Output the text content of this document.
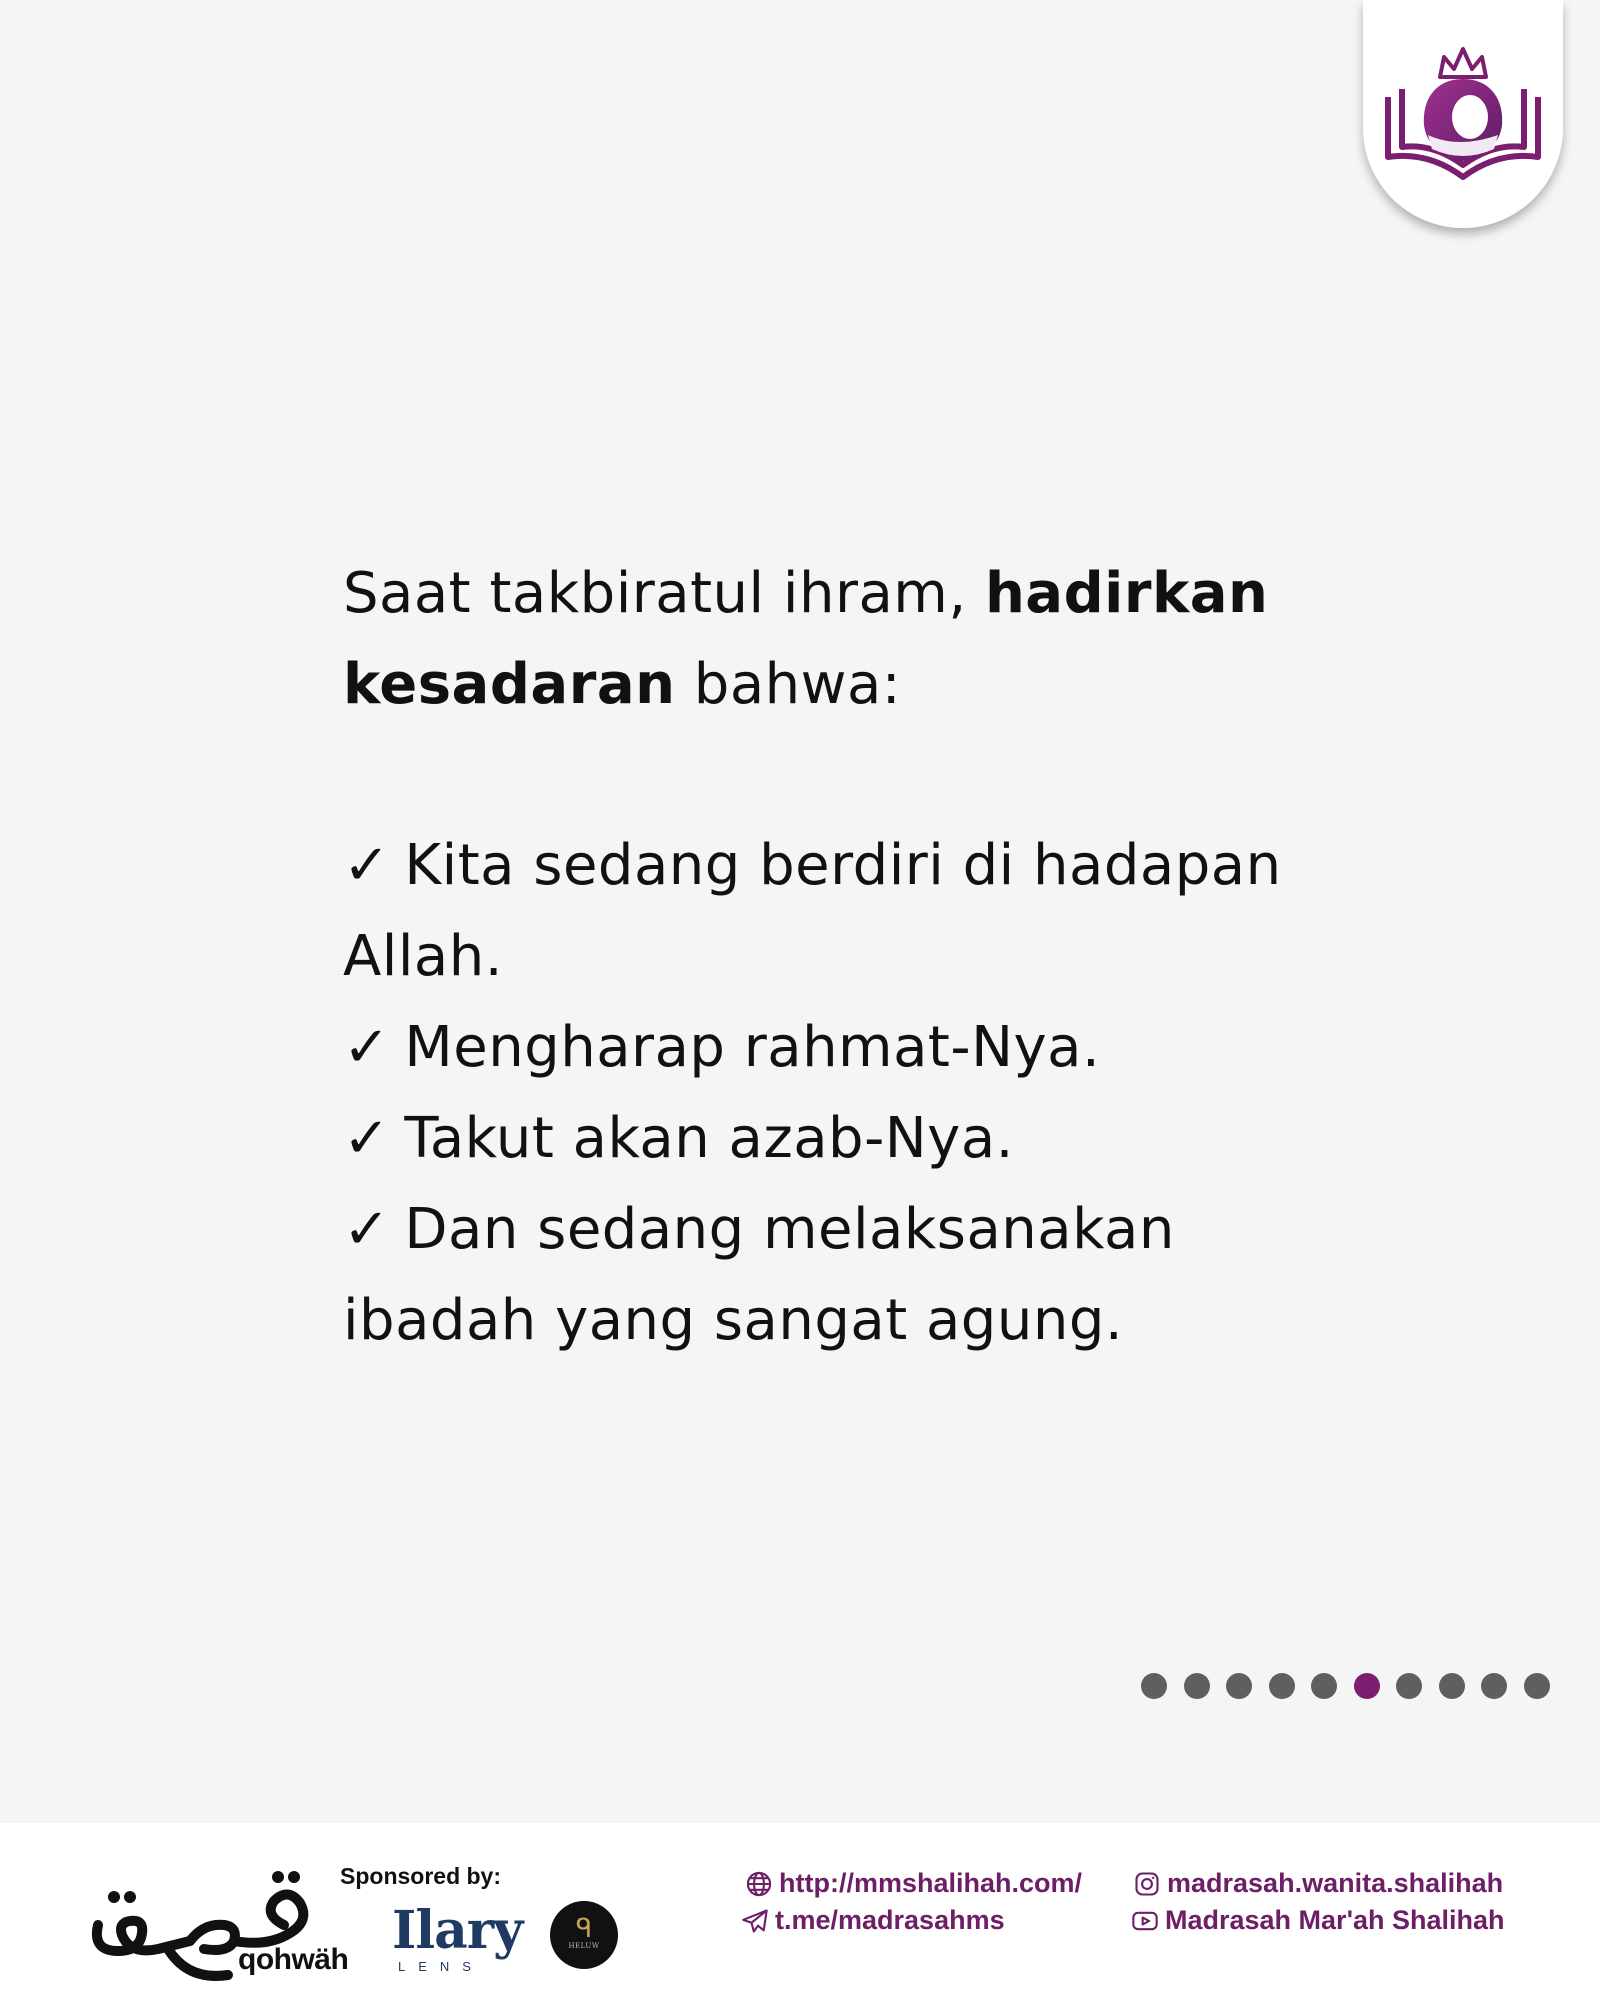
Saat takbiratul ihram, hadirkan
kesadaran bahwa:

✓ Kita sedang berdiri di hadapan Allah.
✓ Mengharap rahmat-Nya.
✓ Takut akan azab-Nya.
✓ Dan sedang melaksanakan ibadah yang sangat agung.
qohwäh
Sponsored by:
Ilary
LENS
ᑫ
HELUW
http://mmshalihah.com/
t.me/madrasahms
madrasah.wanita.shalihah
Madrasah Mar'ah Shalihah
